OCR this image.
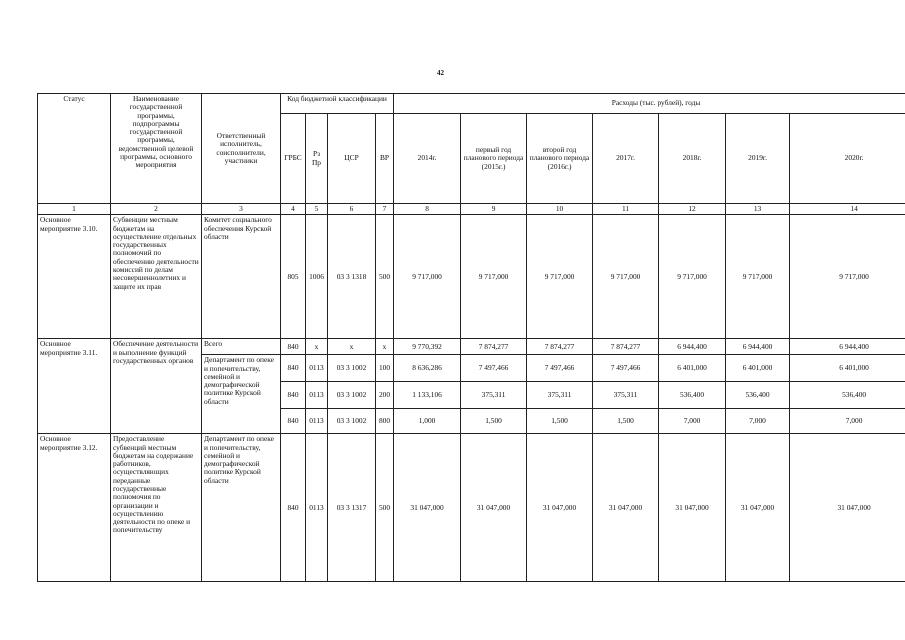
42
Статус	Наименование государственной программы, подпрограммы государственной программы, ведомственной целевой программы, основного мероприятия	Ответственный исполнитель, соисполнители, участники	Код бюджетной классификации				Расходы (тыс. рублей), годы						
			ГРБС	Рз Пр	ЦСР	ВР	2014г.	первый год планового периода (2015г.)	второй год планового периода (2016г.)	2017г.	2018г.	2019г.	2020г.
1	2	3	4	5	6	7	8	9	10	11	12	13	14
Основное мероприятие 3.10.	Субвенции местным бюджетам на осуществление отдельных государственных полномочий по обеспечению деятельности комиссий по делам несовершеннолетних и защите их прав	Комитет социального обеспечения Курской области	805	1006	03 3 1318	500	9 717,000	9 717,000	9 717,000	9 717,000	9 717,000	9 717,000	9 717,000
Основное мероприятие 3.11.	Обеспечение деятельности и выполнение функций государственных органов	Всего	840	x	x	x	9 770,392	7 874,277	7 874,277	7 874,277	6 944,400	6 944,400	6 944,400
		Департамент по опеке и попечительству, семейной и демографической политике Курской области	840	0113	03 3 1002	100	8 636,286	7 497,466	7 497,466	7 497,466	6 401,000	6 401,000	6 401,000
			840	0113	03 3 1002	200	1 133,106	375,311	375,311	375,311	536,400	536,400	536,400
			840	0113	03 3 1002	800	1,000	1,500	1,500	1,500	7,000	7,000	7,000
Основное мероприятие 3.12.	Предоставление субвенций местным бюджетам на содержание работников, осуществляющих переданные государственные полномочия по организации и осуществлению деятельности по опеке и попечительству	Департамент по опеке и попечительству, семейной и демографической политике Курской области	840	0113	03 3 1317	500	31 047,000	31 047,000	31 047,000	31 047,000	31 047,000	31 047,000	31 047,000
